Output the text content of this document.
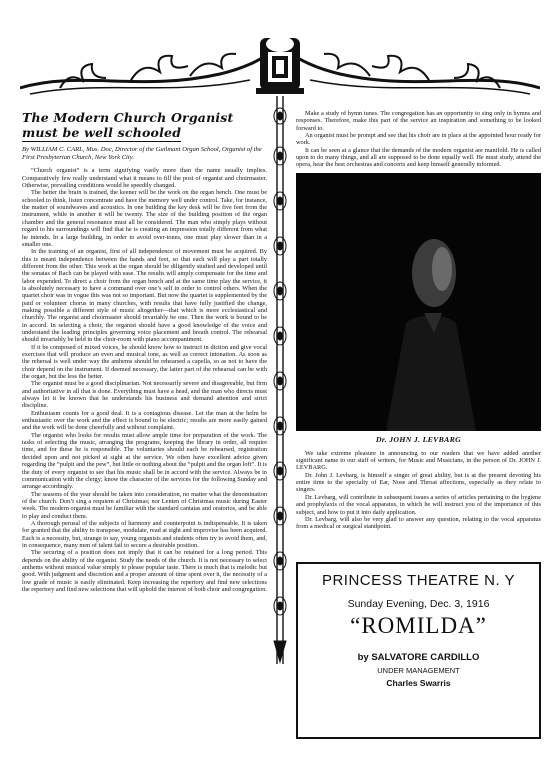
The Modern Church Organist
must be well schooled
By WILLIAM C. CARL, Mus. Doc, Director of the Guilmant Organ School, Organist of the First Presbyterian Church, New York City.

“Church organist” is a term signifying vastly more than the name usually implies. Comparatively few really understand what it means to fill the post of organist and choirmaster. Otherwise, prevailing conditions would be speedily changed.

The better the brain is trained, the keener will be the work on the organ bench. One must be schooled to think, listen concentrate and have the memory well under control. Take, for instance, the matter of soundwaves and acoustics. In one building the key desk will be five feet from the instrument, while in another it will be twenty. The size of the building position of the organ chamber and the general resonance must all be considered. The man who simply plays without regard to his surroundings will find that he is creating an impression totally different from what he intends. In a large building, in order to avoid over-tones, one must play slower than in a smaller one.

In the training of an organist, first of all independence of movement must be acquired. By this is meant independence between the hands and feet, so that each will play a part totally different from the other. This work at the organ should be diligently studied and developed until the sonatas of Bach can be played with ease. The results will amply compensate for the time and labor expended. To direct a choir from the organ bench and at the same time play the service, it is absolutely necessary to have a command over one’s self in order to control others. When the quartet choir was in vogue this was not so important. But now the quartet is supplemented by the paid or volunteer chorus in many churches, with results that have fully justified the change, making possible a different style of music altogether—that which is more ecclesiastical and churchly. The organist and choirmaster should invariably be one. Then the work is bound to be in accord. In selecting a choir, the organist should have a good knowledge of the voice and understand the leading principles governing voice placement and breath control. The rehearsal should invariably be held in the choir-room with piano accompaniment.

If it be composed of mixed voices, he should know how to instruct in diction and give vocal exercises that will produce an even and musical tone, as well as correct intonation. As soon as the rehersal is well under way the anthems should be rehearsed a capella, so as not to have the choir depend on the instrument. If deemed necessary, the latter part of the rehearsal can be with the organ, but the less the better.

The organist must be a good disciplinarian. Not necessarily severe and disagreeable, but firm and authoritative in all that is done. Everything must have a head, and the man who directs must always let it be known that he understands his business and demand attention and strict discipline.

Enthusiasm counts for a good deal. It is a contagious disease. Let the man at the helm be enthusiastic over the work and the effect is bound to be electric; results are more easily gained and the work will be done cheerfully and without complaint.

The organist who looks for results must allow ample time for preparation of the work. The tasks of selecting the music, arranging the programs, keeping the library in order, all require time, and for these he is responsible. The voluntaries should each be rehearsed, registration decided upon and not picked at sight at the service. We often have excellent advice given regarding the “pulpit and the pew”, but little or nothing about the “pulpit and the organ loft”. It is the duty of every organist to see that his music shall be in accord with the service. Always be in communication with the clergy; know the character of the services for the following Sunday and arrange accordingly.

The seasons of the year should be taken into consideration, no matter what the denomination of the church. Don’t sing a requiem at Christmas; nor Lenten of Christmas music during Easter week. The modern organist must be familiar with the standard cantatas and oratorios, and be able to play and conduct them.

A thorough perusal of the subjects of harmony and counterpoint is indispensable. It is taken for granted that the ability to transpose, modulate, read at sight and improvise has been acquired. Each is a necessity, but, strange to say, young organists and students often try to avoid them, and, in consequence, many men of talent fail to secure a desirable position.

The securing of a position does not imply that it can be retained for a long period. This depends on the ability of the organist. Study the needs of the church. It is not necessary to select anthems without musical value simply to please popular taste. There is much that is melodic but good. With judgment and discretion and a proper amount of time spent over it, the necessity of a low grade of music is easily eliminated. Keep increasing the repertory and find new selections the repertory and find new selections that will uphold the interest of both choir and congregation.

Make a study of hymn tunes. The congregation has an opportunity to sing only in hymns and responses. Therefore, make this part of the service an inspiration and something to be looked forward to.

An organist must be prompt and see that his choir are in place at the appointed hour ready for work.

It can be seen at a glance that the demands of the modern organist are manifold. He is called upon to do many things, and all are supposed to be done equally well. He must study, attend the opera, hear the best orchestras and concerts and keep himself generally informed.

Dr. JOHN J. LEVBARG

We take extreme pleasure in announcing to our readers that we have added another significant name to our staff of writers, for Music and Musicians, in the person of Dr. JOHN J. LEVBARG.

Dr. John J. Levbarg, is himself a singer of great ability, but is at the present devoting his entire time to the specialty of Ear, Nose and Throat affections, especially as they relate to singers.

Dr. Levbarg, will contribute in subsequent issues a series of articles pertaining to the hygiene and prophylaxis of the vocal apparatus, in which he will instruct you of the importance of this subject, and how to put it into daily application.

Dr. Levbarg, will also be very glad to answer any question, relating to the vocal apparatus from a medical or surgical standpoint.

PRINCESS THEATRE N. Y
Sunday Evening, Dec. 3, 1916
“ROMILDA”
by SALVATORE CARDILLO
UNDER MANAGEMENT
Charles Swarris
